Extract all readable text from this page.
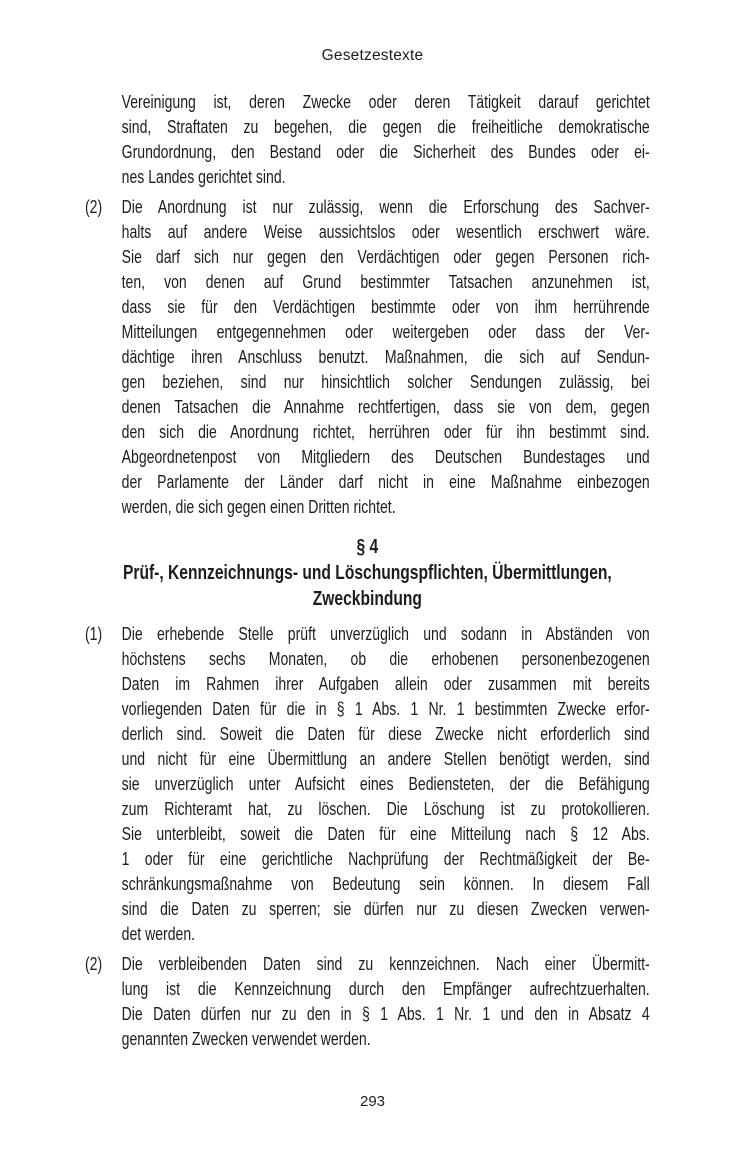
Gesetzestexte
Vereinigung ist, deren Zwecke oder deren Tätigkeit darauf gerichtet
sind, Straftaten zu begehen, die gegen die freiheitliche demokratische
Grundordnung, den Bestand oder die Sicherheit des Bundes oder ei-
nes Landes gerichtet sind.
(2) Die Anordnung ist nur zulässig, wenn die Erforschung des Sachver-
halts auf andere Weise aussichtslos oder wesentlich erschwert wäre.
Sie darf sich nur gegen den Verdächtigen oder gegen Personen rich-
ten, von denen auf Grund bestimmter Tatsachen anzunehmen ist,
dass sie für den Verdächtigen bestimmte oder von ihm herrührende
Mitteilungen entgegennehmen oder weitergeben oder dass der Ver-
dächtige ihren Anschluss benutzt. Maßnahmen, die sich auf Sendun-
gen beziehen, sind nur hinsichtlich solcher Sendungen zulässig, bei
denen Tatsachen die Annahme rechtfertigen, dass sie von dem, gegen
den sich die Anordnung richtet, herrühren oder für ihn bestimmt sind.
Abgeordnetenpost von Mitgliedern des Deutschen Bundestages und
der Parlamente der Länder darf nicht in eine Maßnahme einbezogen
werden, die sich gegen einen Dritten richtet.
§ 4
Prüf-, Kennzeichnungs- und Löschungspflichten, Übermittlungen,
Zweckbindung
(1) Die erhebende Stelle prüft unverzüglich und sodann in Abständen von
höchstens sechs Monaten, ob die erhobenen personenbezogenen
Daten im Rahmen ihrer Aufgaben allein oder zusammen mit bereits
vorliegenden Daten für die in § 1 Abs. 1 Nr. 1 bestimmten Zwecke erfor-
derlich sind. Soweit die Daten für diese Zwecke nicht erforderlich sind
und nicht für eine Übermittlung an andere Stellen benötigt werden, sind
sie unverzüglich unter Aufsicht eines Bediensteten, der die Befähigung
zum Richteramt hat, zu löschen. Die Löschung ist zu protokollieren.
Sie unterbleibt, soweit die Daten für eine Mitteilung nach § 12 Abs.
1 oder für eine gerichtliche Nachprüfung der Rechtmäßigkeit der Be-
schränkungsmaßnahme von Bedeutung sein können. In diesem Fall
sind die Daten zu sperren; sie dürfen nur zu diesen Zwecken verwen-
det werden.
(2) Die verbleibenden Daten sind zu kennzeichnen. Nach einer Übermitt-
lung ist die Kennzeichnung durch den Empfänger aufrechtzuerhalten.
Die Daten dürfen nur zu den in § 1 Abs. 1 Nr. 1 und den in Absatz 4
genannten Zwecken verwendet werden.
293
